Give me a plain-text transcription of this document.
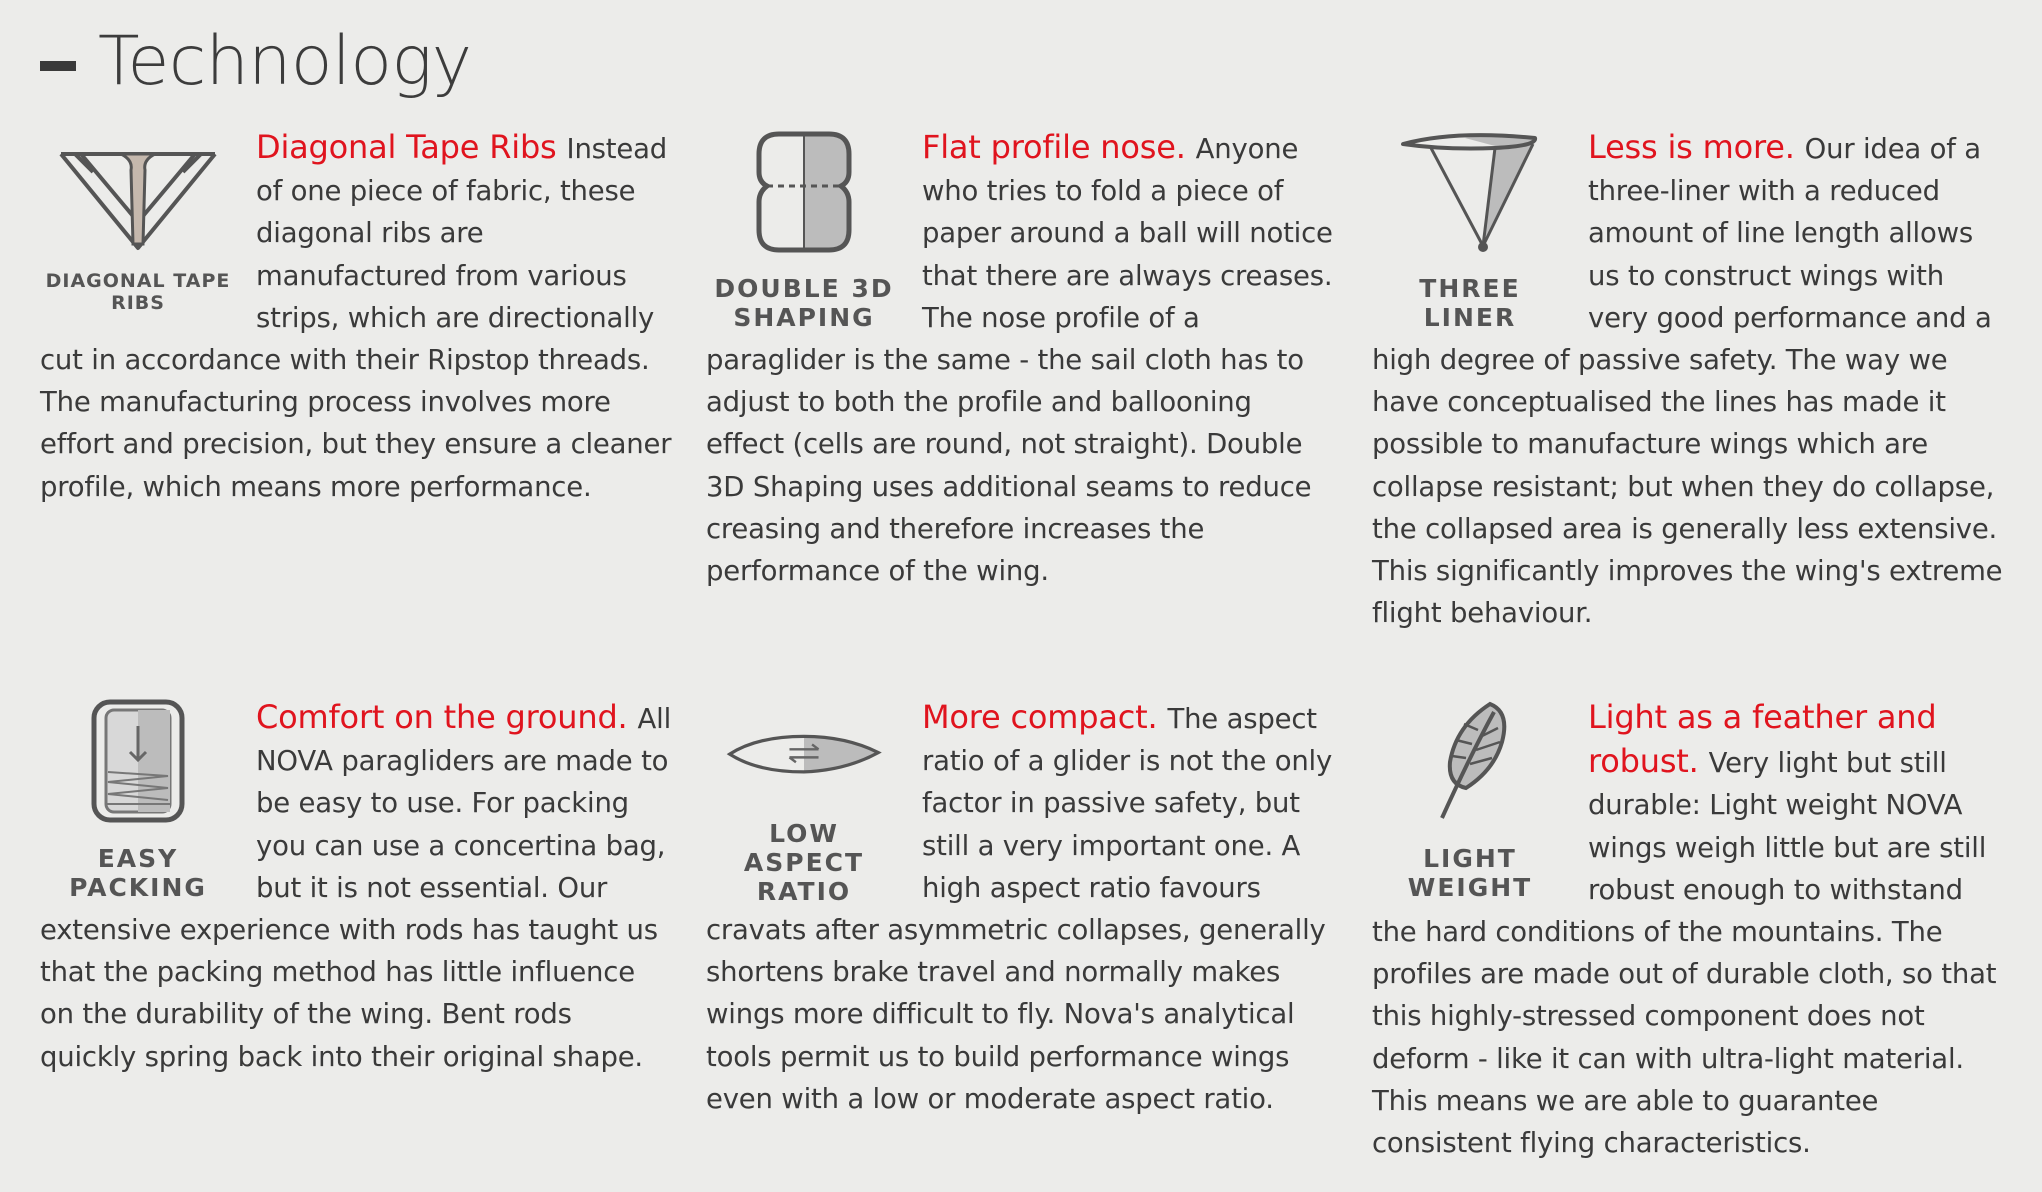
Technology
DIAGONAL TAPE RIBS

Diagonal Tape Ribs Instead of one piece of fabric, these diagonal ribs are manufactured from various strips, which are directionally cut in accordance with their Ripstop threads. The manufacturing process involves more effort and precision, but they ensure a cleaner profile, which means more performance.

DOUBLE 3D SHAPING

Flat profile nose. Anyone who tries to fold a piece of paper around a ball will notice that there are always creases. The nose profile of a paraglider is the same - the sail cloth has to adjust to both the profile and ballooning effect (cells are round, not straight). Double 3D Shaping uses additional seams to reduce creasing and therefore increases the performance of the wing.

THREE LINER

Less is more. Our idea of a three-liner with a reduced amount of line length allows us to construct wings with very good performance and a high degree of passive safety. The way we have conceptualised the lines has made it possible to manufacture wings which are collapse resistant; but when they do collapse, the collapsed area is generally less extensive. This significantly improves the wing's extreme flight behaviour.

EASY PACKING

Comfort on the ground. All NOVA paragliders are made to be easy to use. For packing you can use a concertina bag, but it is not essential. Our extensive experience with rods has taught us that the packing method has little influence on the durability of the wing. Bent rods quickly spring back into their original shape.

LOW ASPECT RATIO

More compact. The aspect ratio of a glider is not the only factor in passive safety, but still a very important one. A high aspect ratio favours cravats after asymmetric collapses, generally shortens brake travel and normally makes wings more difficult to fly. Nova's analytical tools permit us to build performance wings even with a low or moderate aspect ratio.

LIGHT WEIGHT

Light as a feather and robust. Very light but still durable: Light weight NOVA wings weigh little but are still robust enough to withstand the hard conditions of the mountains. The profiles are made out of durable cloth, so that this highly-stressed component does not deform - like it can with ultra-light material. This means we are able to guarantee consistent flying characteristics.
